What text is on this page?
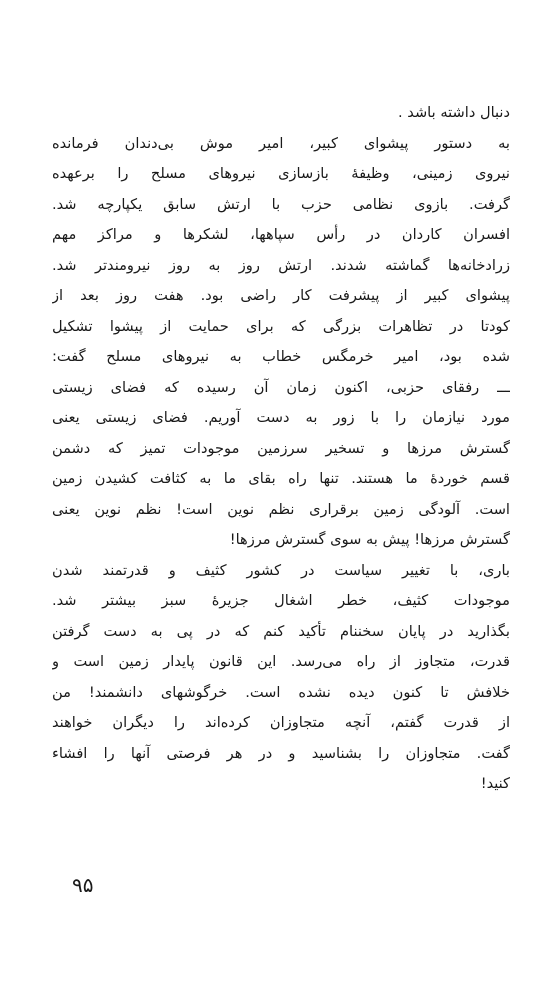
دنبال داشته باشد .
به دستور پیشوای کبیر، امیر موش بی‌دندان فرمانده
نیروی زمینی، وظیفهٔ بازسازی نیروهای مسلح را برعهده
گرفت. بازوی نظامی حزب با ارتش سابق یکپارچه شد.
افسران کاردان در رأس سپاهها، لشکرها و مراکز مهم
زرادخانه‌ها گماشته شدند. ارتش روز به روز نیرومندتر شد.
پیشوای کبیر از پیشرفت کار راضی بود. هفت روز بعد از
کودتا در تظاهرات بزرگی که برای حمایت از پیشوا تشکیل
شده بود، امیر خرمگس خطاب به نیروهای مسلح گفت:
ـــ رفقای حزبی، اکنون زمان آن رسیده که فضای زیستی
مورد نیازمان را با زور به دست آوریم. فضای زیستی یعنی
گسترش مرزها و تسخیر سرزمین موجودات تمیز که دشمن
قسم خوردهٔ ما هستند. تنها راه بقای ما به کثافت کشیدن زمین
است. آلودگی زمین برقراری نظم نوین است! نظم نوین یعنی
گسترش مرزها! پیش به سوی گسترش مرزها!
باری، با تغییر سیاست در کشور کثیف و قدرتمند شدن
موجودات کثیف، خطر اشغال جزیرهٔ سبز بیشتر شد.
بگذارید در پایان سخننام تأکید کنم که در پی به دست گرفتن
قدرت، متجاوز از راه می‌رسد. این قانون پایدار زمین است و
خلافش تا کنون دیده نشده است. خرگوشهای دانشمند! من
از قدرت گفتم، آنچه متجاوزان کرده‌اند را دیگران خواهند
گفت. متجاوزان را بشناسید و در هر فرصتی آنها را افشاء
کنید!
۹۵
